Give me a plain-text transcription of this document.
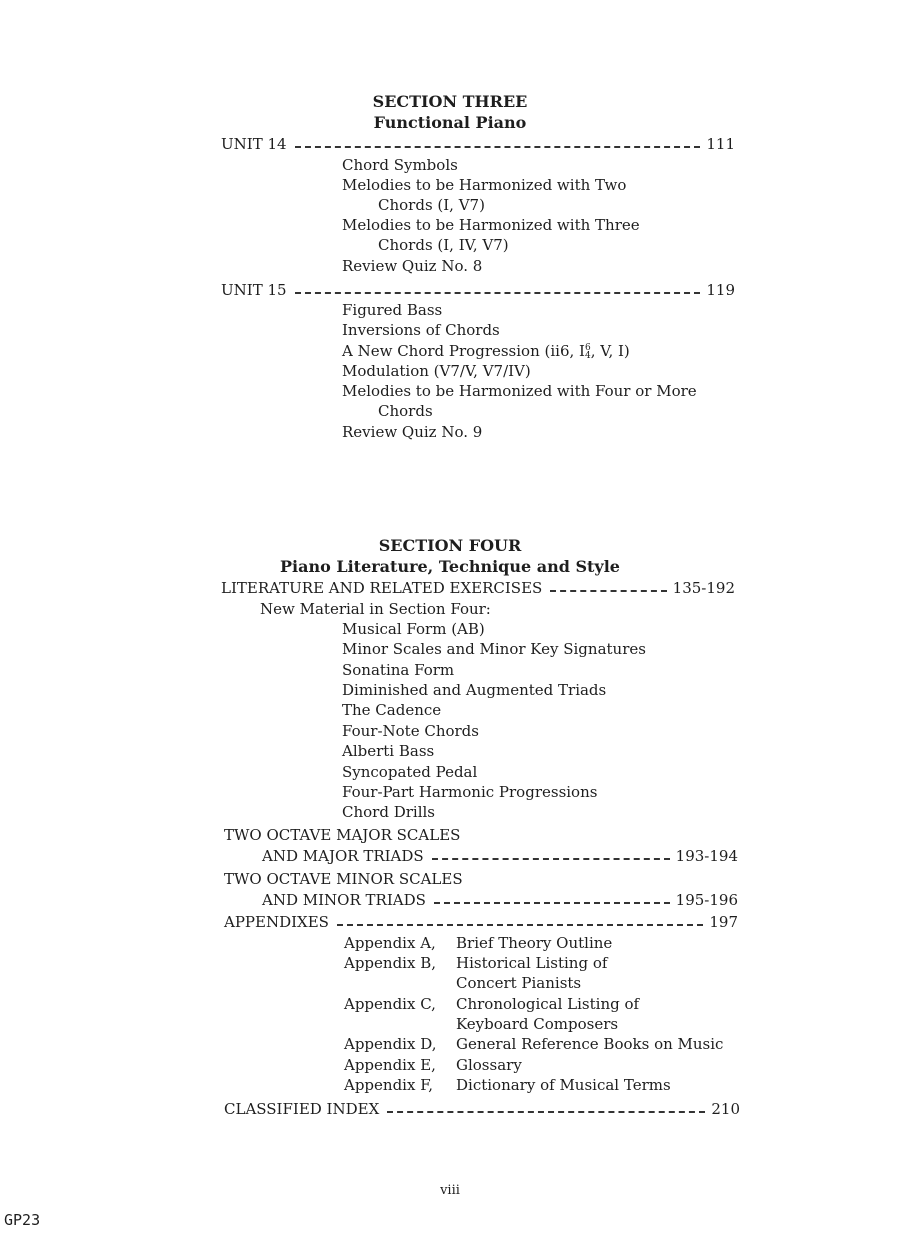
SECTION THREE
Functional Piano
UNIT 14	111
Chord Symbols
Melodies to be Harmonized with Two
Chords (I, V7)
Melodies to be Harmonized with Three
Chords (I, IV, V7)
Review Quiz No. 8
UNIT 15	119
Figured Bass
Inversions of Chords
A New Chord Progression (ii6, I 6
4 , V, I)
Modulation (V7/V, V7/IV)
Melodies to be Harmonized with Four or More
Chords
Review Quiz No. 9
SECTION FOUR
Piano Literature, Technique and Style
LITERATURE AND RELATED EXERCISES	135-192
New Material in Section Four:
Musical Form (AB)
Minor Scales and Minor Key Signatures
Sonatina Form
Diminished and Augmented Triads
The Cadence
Four-Note Chords
Alberti Bass
Syncopated Pedal
Four-Part Harmonic Progressions
Chord Drills
TWO OCTAVE MAJOR SCALES
AND MAJOR TRIADS	193-194
TWO OCTAVE MINOR SCALES
AND MINOR TRIADS	195-196
APPENDIXES	197
Appendix A, Brief Theory Outline
Appendix B, Historical Listing of
Concert Pianists
Appendix C, Chronological Listing of
Keyboard Composers
Appendix D, General Reference Books on Music
Appendix E, Glossary
Appendix F, Dictionary of Musical Terms
CLASSIFIED INDEX	210
viii
GP23
